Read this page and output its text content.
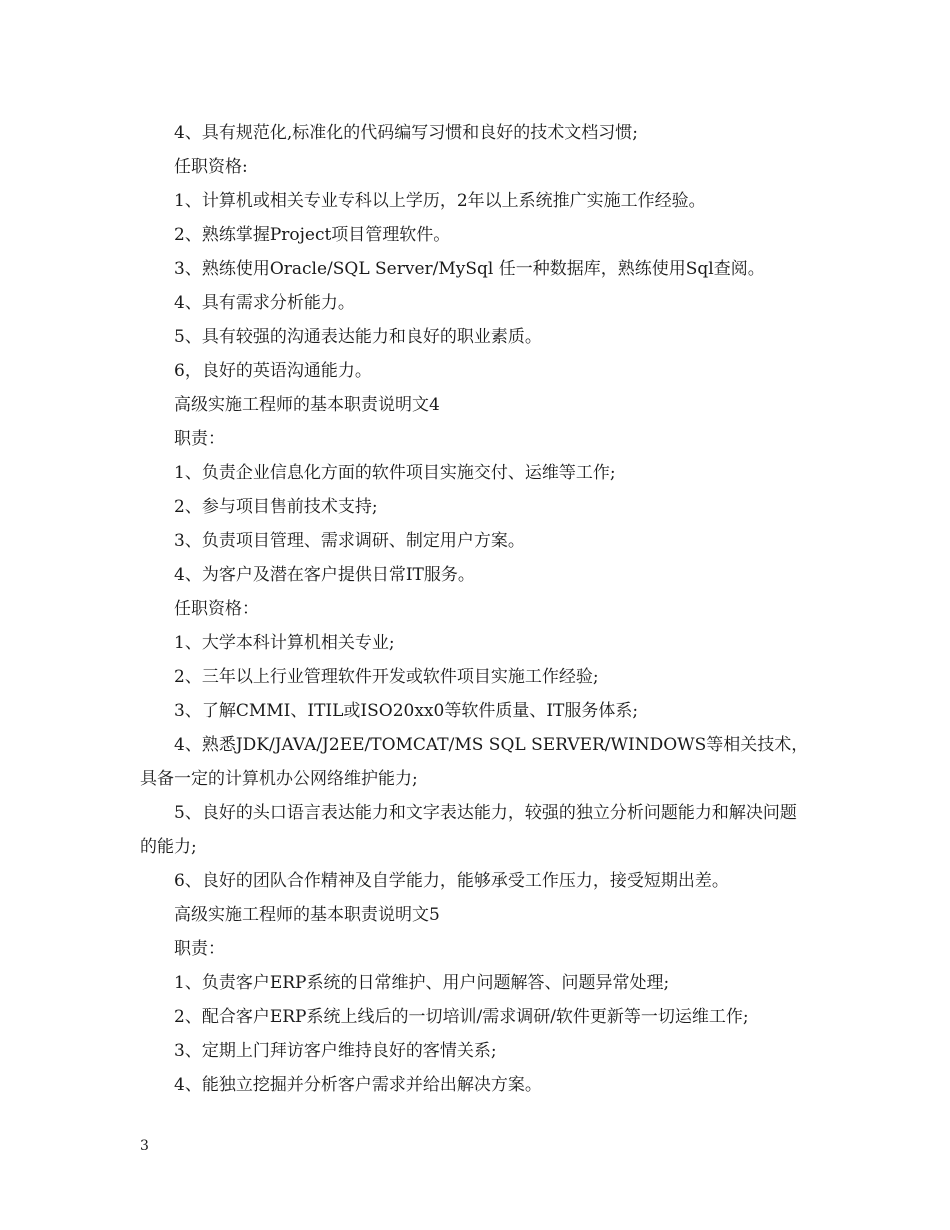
4、具有规范化,标准化的代码编写习惯和良好的技术文档习惯;
任职资格:
1、计算机或相关专业专科以上学历，2年以上系统推广实施工作经验。
2、熟练掌握Project项目管理软件。
3、熟练使用Oracle/SQL Server/MySql 任一种数据库，熟练使用Sql查阅。
4、具有需求分析能力。
5、具有较强的沟通表达能力和良好的职业素质。
6，良好的英语沟通能力。
高级实施工程师的基本职责说明文4
职责：
1、负责企业信息化方面的软件项目实施交付、运维等工作;
2、参与项目售前技术支持;
3、负责项目管理、需求调研、制定用户方案。
4、为客户及潜在客户提供日常IT服务。
任职资格：
1、大学本科计算机相关专业;
2、三年以上行业管理软件开发或软件项目实施工作经验;
3、了解CMMI、ITIL或ISO20xx0等软件质量、IT服务体系;
4、熟悉JDK/JAVA/J2EE/TOMCAT/MS SQL SERVER/WINDOWS等相关技术，具备一定的计算机办公网络维护能力;
5、良好的头口语言表达能力和文字表达能力，较强的独立分析问题能力和解决问题的能力;
6、良好的团队合作精神及自学能力，能够承受工作压力，接受短期出差。
高级实施工程师的基本职责说明文5
职责：
1、负责客户ERP系统的日常维护、用户问题解答、问题异常处理;
2、配合客户ERP系统上线后的一切培训/需求调研/软件更新等一切运维工作;
3、定期上门拜访客户维持良好的客情关系;
4、能独立挖掘并分析客户需求并给出解决方案。
3
